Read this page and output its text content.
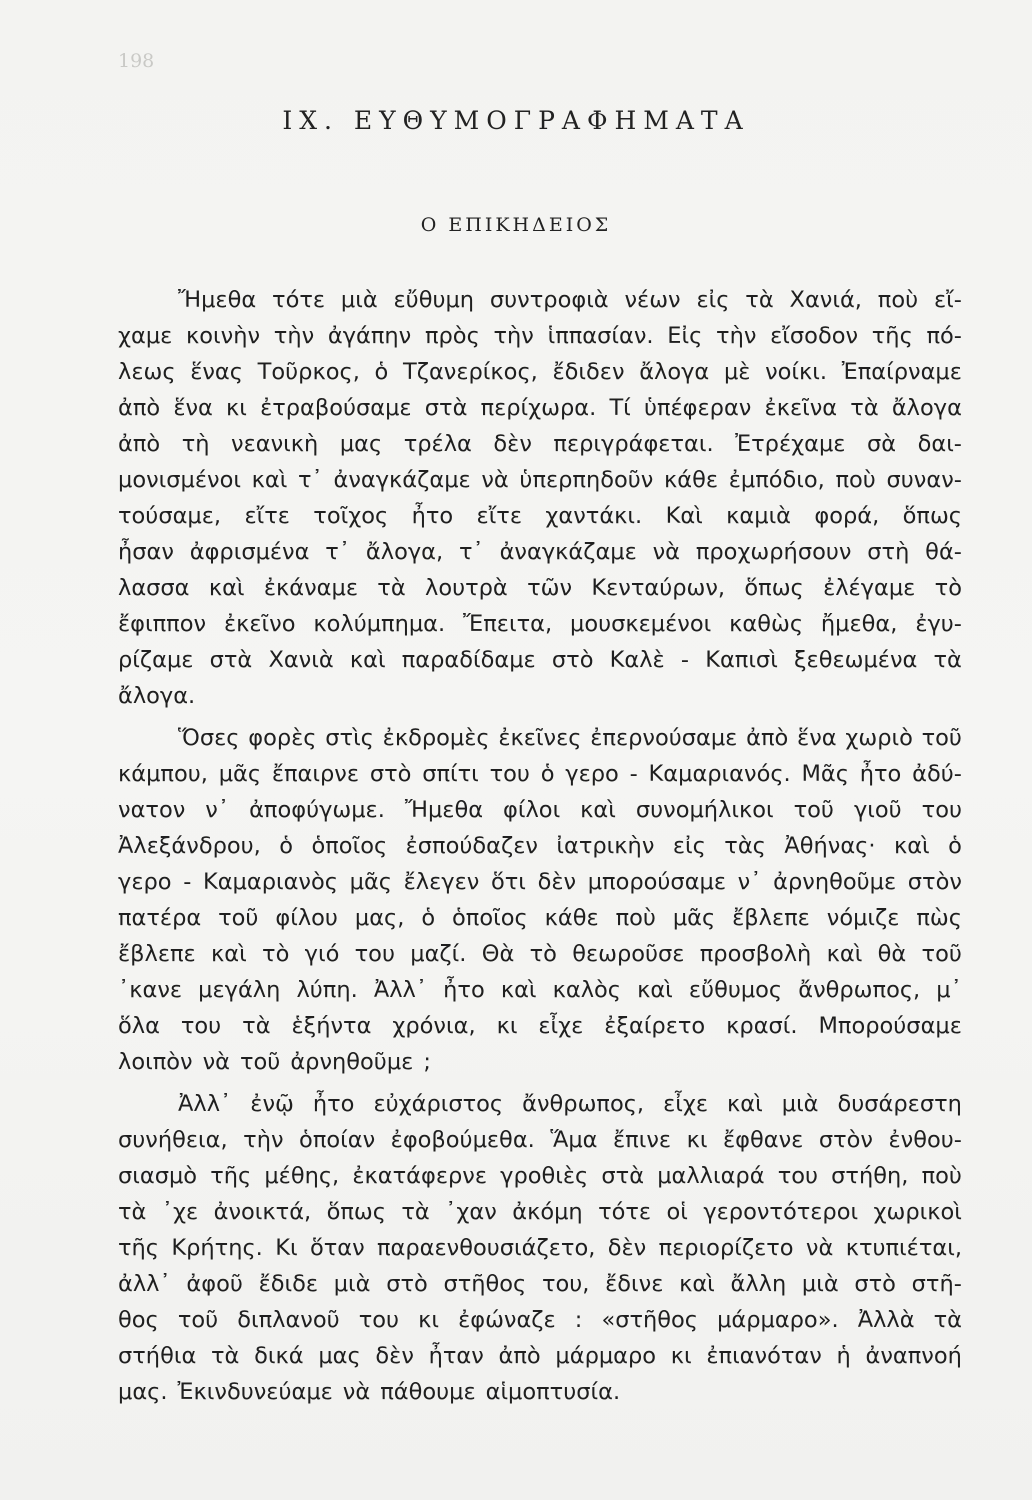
198
IX. ΕΥΘΥΜΟΓΡΑΦΗΜΑΤΑ
Ο ΕΠΙΚΗΔΕΙΟΣ
Ἤμεθα τότε μιὰ εὔθυμη συντροφιὰ νέων εἰς τὰ Χανιά, ποὺ εἴ-
χαμε κοινὴν τὴν ἀγάπην πρὸς τὴν ἱππασίαν. Εἰς τὴν εἴσοδον τῆς πό-
λεως ἕνας Τοῦρκος, ὁ Τζανερίκος, ἔδιδεν ἄλογα μὲ νοίκι. Ἐπαίρναμε
ἀπὸ ἕνα κι ἐτραβούσαμε στὰ περίχωρα. Τί ὑπέφεραν ἐκεῖνα τὰ ἄλογα
ἀπὸ τὴ νεανικὴ μας τρέλα δὲν περιγράφεται. Ἐτρέχαμε σὰ δαι-
μονισμένοι καὶ τ᾽ ἀναγκάζαμε νὰ ὑπερπηδοῦν κάθε ἐμπόδιο, ποὺ συναν-
τούσαμε, εἴτε τοῖχος ἦτο εἴτε χαντάκι. Καὶ καμιὰ φορά, ὅπως
ἦσαν ἀφρισμένα τ᾽ ἄλογα, τ᾽ ἀναγκάζαμε νὰ προχωρήσουν στὴ θά-
λασσα καὶ ἐκάναμε τὰ λουτρὰ τῶν Κενταύρων, ὅπως ἐλέγαμε τὸ
ἔφιππον ἐκεῖνο κολύμπημα. Ἔπειτα, μουσκεμένοι καθὼς ἤμεθα, ἐγυ-
ρίζαμε στὰ Χανιὰ καὶ παραδίδαμε στὸ Καλὲ - Καπισὶ ξεθεωμένα τὰ
ἄλογα.
Ὅσες φορὲς στὶς ἐκδρομὲς ἐκεῖνες ἐπερνούσαμε ἀπὸ ἕνα χωριὸ τοῦ
κάμπου, μᾶς ἔπαιρνε στὸ σπίτι του ὁ γερο - Καμαριανός. Μᾶς ἦτο ἀδύ-
νατον ν᾽ ἀποφύγωμε. Ἤμεθα φίλοι καὶ συνομήλικοι τοῦ γιοῦ του
Ἀλεξάνδρου, ὁ ὁποῖος ἐσπούδαζεν ἰατρικὴν εἰς τὰς Ἀθήνας· καὶ ὁ
γερο - Καμαριανὸς μᾶς ἔλεγεν ὅτι δὲν μπορούσαμε ν᾽ ἀρνηθοῦμε στὸν
πατέρα τοῦ φίλου μας, ὁ ὁποῖος κάθε ποὺ μᾶς ἔβλεπε νόμιζε πὼς
ἔβλεπε καὶ τὸ γιό του μαζί. Θὰ τὸ θεωροῦσε προσβολὴ καὶ θὰ τοῦ
᾽κανε μεγάλη λύπη. Ἀλλ᾽ ἦτο καὶ καλὸς καὶ εὔθυμος ἄνθρωπος, μ᾽
ὅλα του τὰ ἑξήντα χρόνια, κι εἶχε ἐξαίρετο κρασί. Μπορούσαμε
λοιπὸν νὰ τοῦ ἀρνηθοῦμε ;
Ἀλλ᾽ ἐνῷ ἦτο εὐχάριστος ἄνθρωπος, εἶχε καὶ μιὰ δυσάρεστη
συνήθεια, τὴν ὁποίαν ἐφοβούμεθα. Ἅμα ἔπινε κι ἔφθανε στὸν ἐνθου-
σιασμὸ τῆς μέθης, ἐκατάφερνε γροθιὲς στὰ μαλλιαρά του στήθη, ποὺ
τὰ ᾽χε ἀνοικτά, ὅπως τὰ ᾽χαν ἀκόμη τότε οἱ γεροντότεροι χωρικοὶ
τῆς Κρήτης. Κι ὅταν παραενθουσιάζετο, δὲν περιορίζετο νὰ κτυπιέται,
ἀλλ᾽ ἀφοῦ ἔδιδε μιὰ στὸ στῆθος του, ἔδινε καὶ ἄλλη μιὰ στὸ στῆ-
θος τοῦ διπλανοῦ του κι ἐφώναζε : «στῆθος μάρμαρο». Ἀλλὰ τὰ
στήθια τὰ δικά μας δὲν ἦταν ἀπὸ μάρμαρο κι ἐπιανόταν ἡ ἀναπνοή
μας. Ἐκινδυνεύαμε νὰ πάθουμε αἱμοπτυσία.
